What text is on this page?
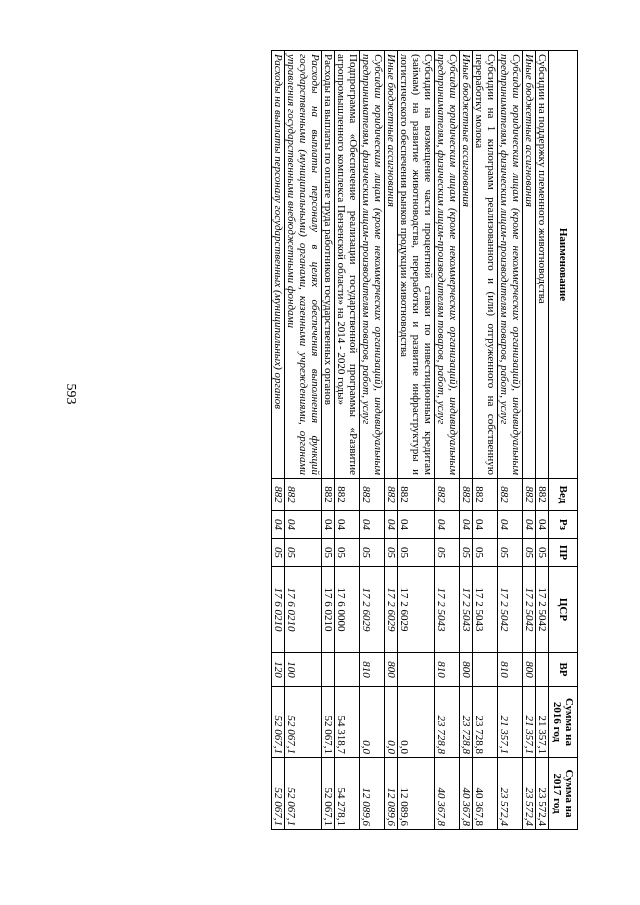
593
Наименование	Вед	Рз	ПР	ЦСР	ВР	Сумма на 2016 год	Сумма на 2017 год
Субсидии на поддержку племенного животноводства	882	04	05	17 2 5042		21 357,1	23 572,4
Иные бюджетные ассигнования	882	04	05	17 2 5042	800	21 357,1	23 572,4
Субсидии юридическим лицам (кроме некоммерческих организаций), индивидуальным предпринимателям, физическим лицам-производителям товаров, работ, услуг	882	04	05	17 2 5042	810	21 357,1	23 572,4
Субсидии на 1 килограмм реализованного и (или) отгруженного на собственную переработку молока	882	04	05	17 2 5043		23 728,8	40 367,8
Иные бюджетные ассигнования	882	04	05	17 2 5043	800	23 728,8	40 367,8
Субсидии юридическим лицам (кроме некоммерческих организаций), индивидуальным предпринимателям, физическим лицам-производителям товаров, работ, услуг	882	04	05	17 2 5043	810	23 728,8	40 367,8
Субсидии на возмещение части процентной ставки по инвестиционным кредитам (займам) на развитие животноводства, переработки и развитие инфраструктуры и логистического обеспечения рынков продукции животноводства	882	04	05	17 2 6029		0,0	12 089,6
Иные бюджетные ассигнования	882	04	05	17 2 6029	800	0,0	12 089,6
Субсидии юридическим лицам (кроме некоммерческих организаций), индивидуальным предпринимателям, физическим лицам-производителям товаров, работ, услуг	882	04	05	17 2 6029	810	0,0	12 089,6
Подпрограмма «Обеспечение реализации государственной программы «Развитие агропромышленного комплекса Пензенской области» на 2014 - 2020 годы»	882	04	05	17 6 0000		54 318,7	54 278,1
Расходы на выплаты по оплате труда работников государственных органов	882	04	05	17 6 0210		52 067,1	52 067,1
Расходы на выплаты персоналу в целях обеспечения выполнения функций государственными (муниципальными) органами, казенными учреждениями, органами управления государственными внебюджетными фондами	882	04	05	17 6 0210	100	52 067,1	52 067,1
Расходы на выплаты персоналу государственных (муниципальных) органов	882	04	05	17 6 0210	120	52 067,1	52 067,1
